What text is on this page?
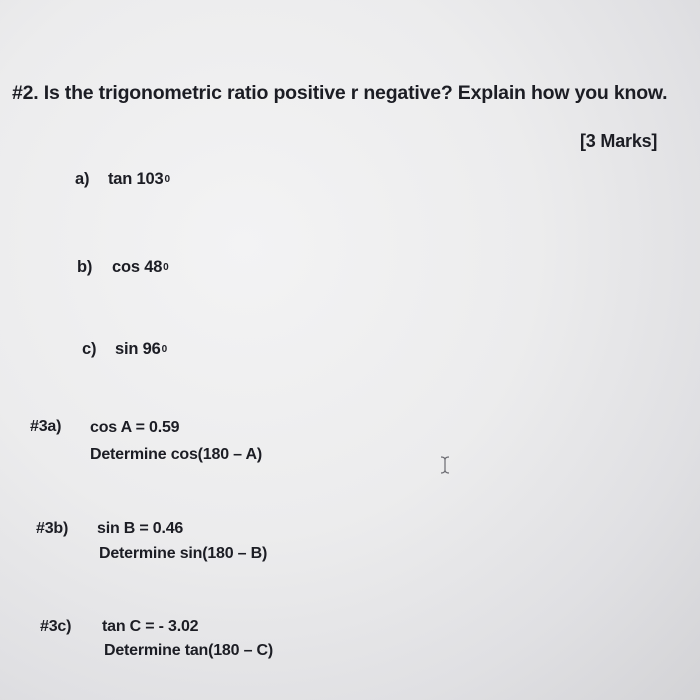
#2. Is the trigonometric ratio positive r negative? Explain how you know.
[3 Marks]
a) tan 1030
b) cos 480
c) sin 960
#3a) cos A = 0.59
Determine cos(180 – A)
#3b) sin B = 0.46
Determine sin(180 – B)
#3c) tan C = - 3.02
Determine tan(180 – C)
